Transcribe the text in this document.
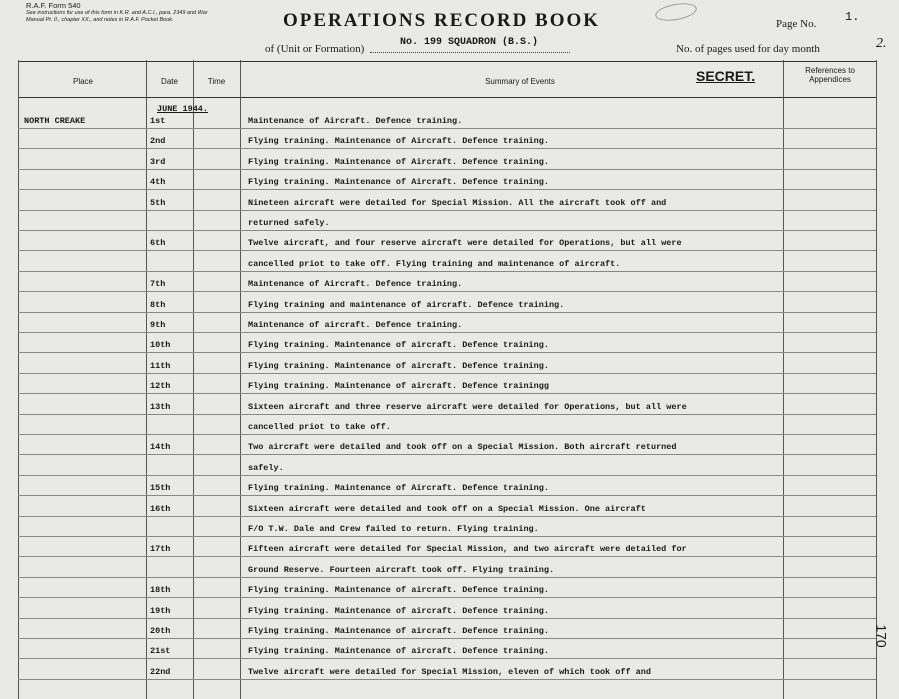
R.A.F. Form 540
See instructions for use of this form in K.R. and A.C.I., para. 2349 and War Manual Pt. II., chapter XX., and notes in R.A.F. Pocket Book.	OPERATIONS RECORD BOOK
of (Unit or Formation)
No. 199 SQUADRON (B.S.)
Page No. 1.
No. of pages used for day month	2.
Place	Date	Time	Summary of Events
References to Appendices
SECRET.
JUNE 1944.
NORTH CREAKE	1st	Maintenance of Aircraft. Defence training.
2nd	Flying training. Maintenance of Aircraft. Defence training.
3rd	Flying training. Maintenance of Aircraft. Defence training.
4th	Flying training. Maintenance of Aircraft. Defence training.
5th	Nineteen aircraft were detailed for Special Mission. All the aircraft took off and
returned safely.
6th	Twelve aircraft, and four reserve aircraft were detailed for Operations, but all were
cancelled priot to take off. Flying training and maintenance of aircraft.
7th	Maintenance of Aircraft. Defence training.
8th	Flying training and maintenance of aircraft. Defence training.
9th	Maintenance of aircraft. Defence training.
10th	Flying training. Maintenance of aircraft. Defence training.
11th	Flying training. Maintenance of aircraft. Defence training.
12th	Flying training. Maintenance of aircraft. Defence trainingg
13th	Sixteen aircraft and three reserve aircraft were detailed for Operations, but all were
cancelled priot to take off.
14th	Two aircraft were detailed and took off on a Special Mission. Both aircraft returned
safely.
15th	Flying training. Maintenance of Aircraft. Defence training.
16th	Sixteen aircraft were detailed and took off on a Special Mission. One aircraft
F/O T.W. Dale and Crew failed to return. Flying training.
17th	Fifteen aircraft were detailed for Special Mission, and two aircraft were detailed for
Ground Reserve. Fourteen aircraft took off. Flying training.
18th	Flying training. Maintenance of aircraft. Defence training.
19th	Flying training. Maintenance of aircraft. Defence training.
20th	Flying training. Maintenance of aircraft. Defence training.
21st	Flying training. Maintenance of aircraft. Defence training.
22nd	Twelve aircraft were detailed for Special Mission, eleven of which took off and
170
